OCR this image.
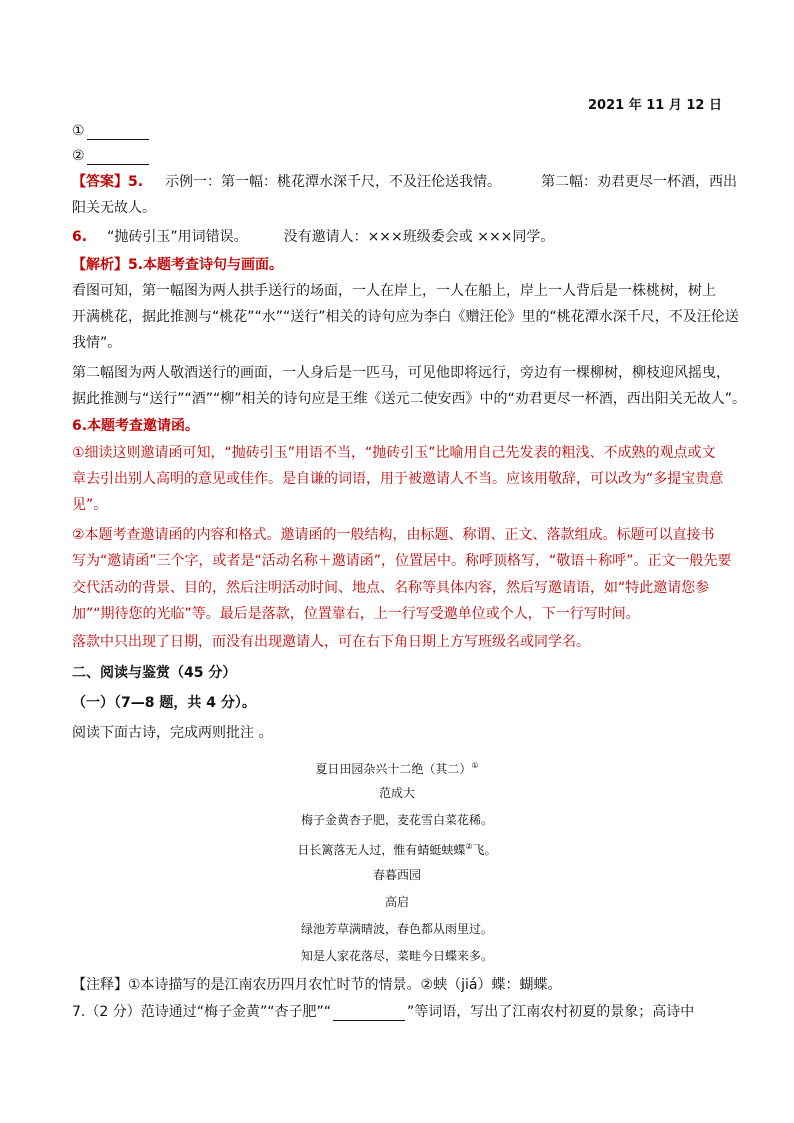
2021 年 11 月 12 日
①
②
【答案】5. 示例一：第一幅：桃花潭水深千尺，不及汪伦送我情。	第二幅：劝君更尽一杯酒，西出
阳关无故人。
6. “抛砖引玉”用词错误。	没有邀请人：×××班级委会或 ×××同学。
【解析】5.本题考查诗句与画面。
看图可知，第一幅图为两人拱手送行的场面，一人在岸上，一人在船上，岸上一人背后是一株桃树，树上
开满桃花，据此推测与“桃花”“水”“送行”相关的诗句应为李白《赠汪伦》里的“桃花潭水深千尺，不及汪伦送
我情”。
第二幅图为两人敬酒送行的画面，一人身后是一匹马，可见他即将远行，旁边有一棵柳树，柳枝迎风摇曳，
据此推测与“送行”“酒”“柳”相关的诗句应是王维《送元二使安西》中的“劝君更尽一杯酒，西出阳关无故人”。
6.本题考查邀请函。
①细读这则邀请函可知，“抛砖引玉”用语不当，“抛砖引玉”比喻用自己先发表的粗浅、不成熟的观点或文
章去引出别人高明的意见或佳作。是自谦的词语，用于被邀请人不当。应该用敬辞，可以改为“多提宝贵意
见”。
②本题考查邀请函的内容和格式。邀请函的一般结构，由标题、称谓、正文、落款组成。标题可以直接书
写为“邀请函”三个字，或者是“活动名称＋邀请函”，位置居中。称呼顶格写，“敬语＋称呼”。正文一般先要
交代活动的背景、目的，然后注明活动时间、地点、名称等具体内容，然后写邀请语，如“特此邀请您参
加”“期待您的光临”等。最后是落款，位置靠右，上一行写受邀单位或个人，下一行写时间。
落款中只出现了日期，而没有出现邀请人，可在右下角日期上方写班级名或同学名。
二、阅读与鉴赏（45 分）
（一）（7—8 题，共 4 分）。
阅读下面古诗，完成两则批注 。
夏日田园杂兴十二绝（其二）①
范成大
梅子金黄杏子肥，麦花雪白菜花稀。
日长篱落无人过，惟有蜻蜓蛱蝶②飞。
春暮西园
高启
绿池芳草满晴波，春色都从雨里过。
知是人家花落尽，菜畦今日蝶来多。
【注释】①本诗描写的是江南农历四月农忙时节的情景。②蛱（jiá）蝶：蝴蝶。
7.（2 分）范诗通过“梅子金黄”“杏子肥”“	”等词语，写出了江南农村初夏的景象；高诗中
